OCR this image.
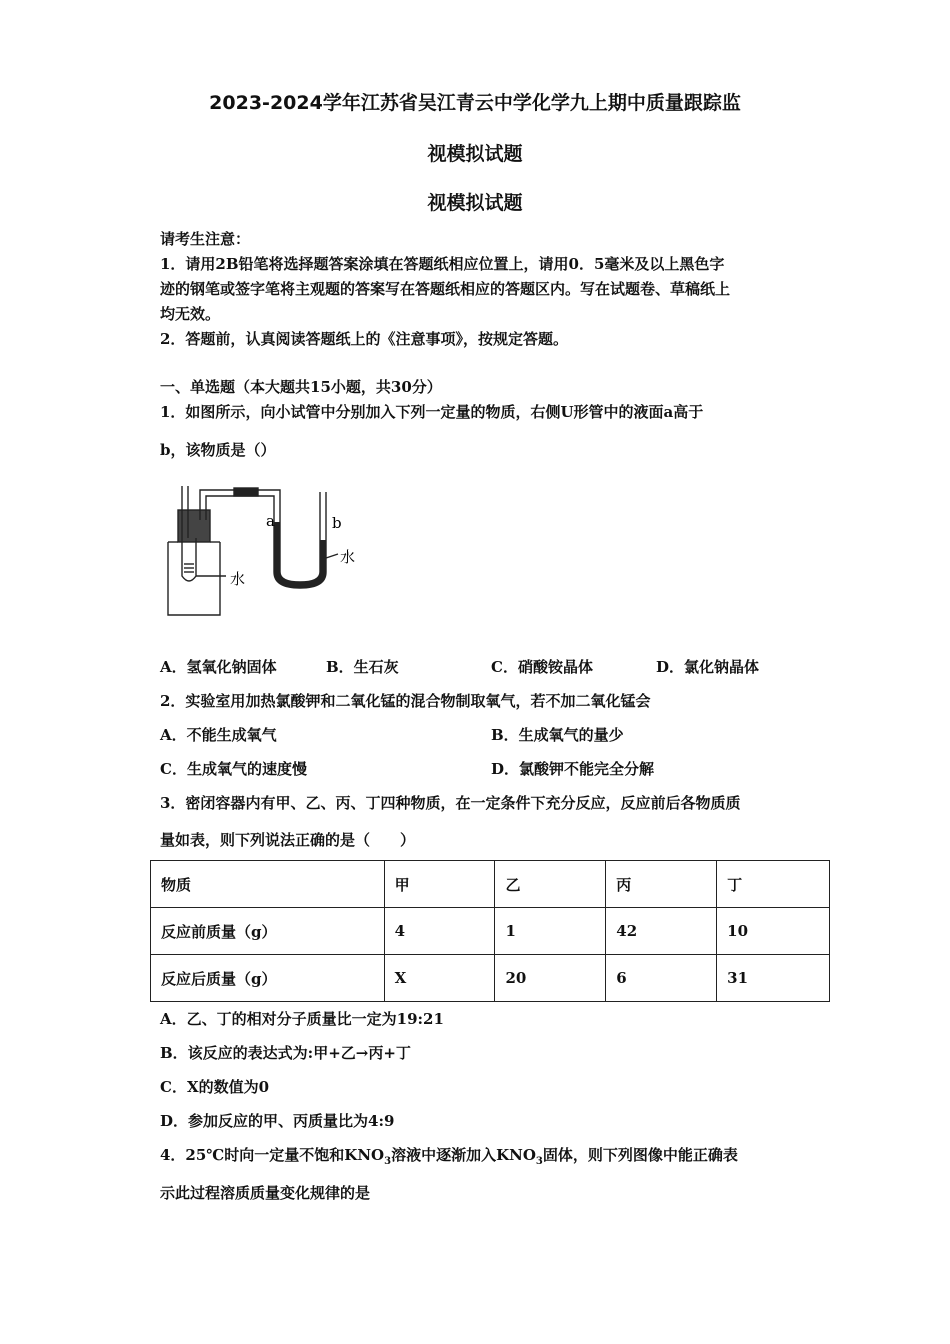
2023-2024学年江苏省吴江青云中学化学九上期中质量跟踪监
视模拟试题
视模拟试题
请考生注意：
1．请用2B铅笔将选择题答案涂填在答题纸相应位置上，请用0．5毫米及以上黑色字
迹的钢笔或签字笔将主观题的答案写在答题纸相应的答题区内。写在试题卷、草稿纸上
均无效。
2．答题前，认真阅读答题纸上的《注意事项》，按规定答题。
一、单选题（本大题共15小题，共30分）
1．如图所示，向小试管中分别加入下列一定量的物质，右侧U形管中的液面a高于
b，该物质是（）
a	b
水
水
A．氢氧化钠固体	B．生石灰	C．硝酸铵晶体	D．氯化钠晶体
2．实验室用加热氯酸钾和二氧化锰的混合物制取氧气，若不加二氧化锰会
A．不能生成氧气	B．生成氧气的量少
C．生成氧气的速度慢	D．氯酸钾不能完全分解
3．密闭容器内有甲、乙、丙、丁四种物质，在一定条件下充分反应，反应前后各物质质
量如表，则下列说法正确的是（　　）
物质	甲	乙	丙	丁
反应前质量（g）	4	1	42	10
反应后质量（g）	X	20	6	31
A．乙、丁的相对分子质量比一定为19:21
B．该反应的表达式为:甲+乙→丙+丁
C．X的数值为0
D．参加反应的甲、丙质量比为4:9
4．25℃时向一定量不饱和$KNO_3$溶液中逐渐加入$KNO_3$固体，则下列图像中能正确表
示此过程溶质质量变化规律的是
